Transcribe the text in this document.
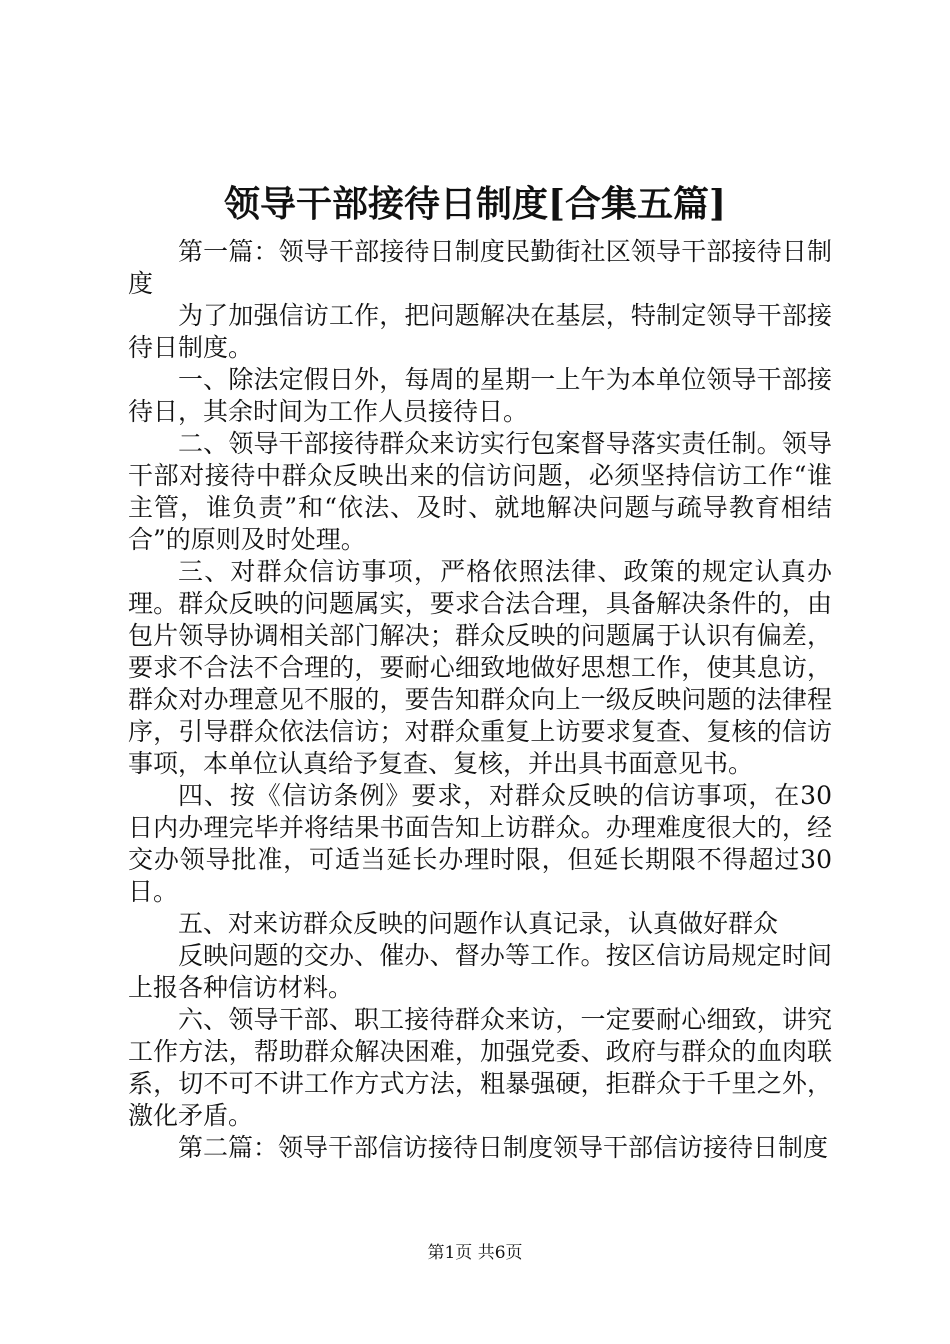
领导干部接待日制度[合集五篇]

第一篇：领导干部接待日制度民勤街社区领导干部接待日制度

为了加强信访工作，把问题解决在基层，特制定领导干部接待日制度。

一、除法定假日外，每周的星期一上午为本单位领导干部接待日，其余时间为工作人员接待日。

二、领导干部接待群众来访实行包案督导落实责任制。领导干部对接待中群众反映出来的信访问题，必须坚持信访工作“谁主管，谁负责”和“依法、及时、就地解决问题与疏导教育相结合”的原则及时处理。

三、对群众信访事项，严格依照法律、政策的规定认真办理。群众反映的问题属实，要求合法合理，具备解决条件的，由包片领导协调相关部门解决；群众反映的问题属于认识有偏差，要求不合法不合理的，要耐心细致地做好思想工作，使其息访，群众对办理意见不服的，要告知群众向上一级反映问题的法律程序，引导群众依法信访；对群众重复上访要求复查、复核的信访事项，本单位认真给予复查、复核，并出具书面意见书。

四、按《信访条例》要求，对群众反映的信访事项，在30日内办理完毕并将结果书面告知上访群众。办理难度很大的，经交办领导批准，可适当延长办理时限，但延长期限不得超过30日。

五、对来访群众反映的问题作认真记录，认真做好群众

反映问题的交办、催办、督办等工作。按区信访局规定时间上报各种信访材料。

六、领导干部、职工接待群众来访，一定要耐心细致，讲究工作方法，帮助群众解决困难，加强党委、政府与群众的血肉联系，切不可不讲工作方式方法，粗暴强硬，拒群众于千里之外，激化矛盾。

第二篇：领导干部信访接待日制度领导干部信访接待日制度

第1页 共6页
